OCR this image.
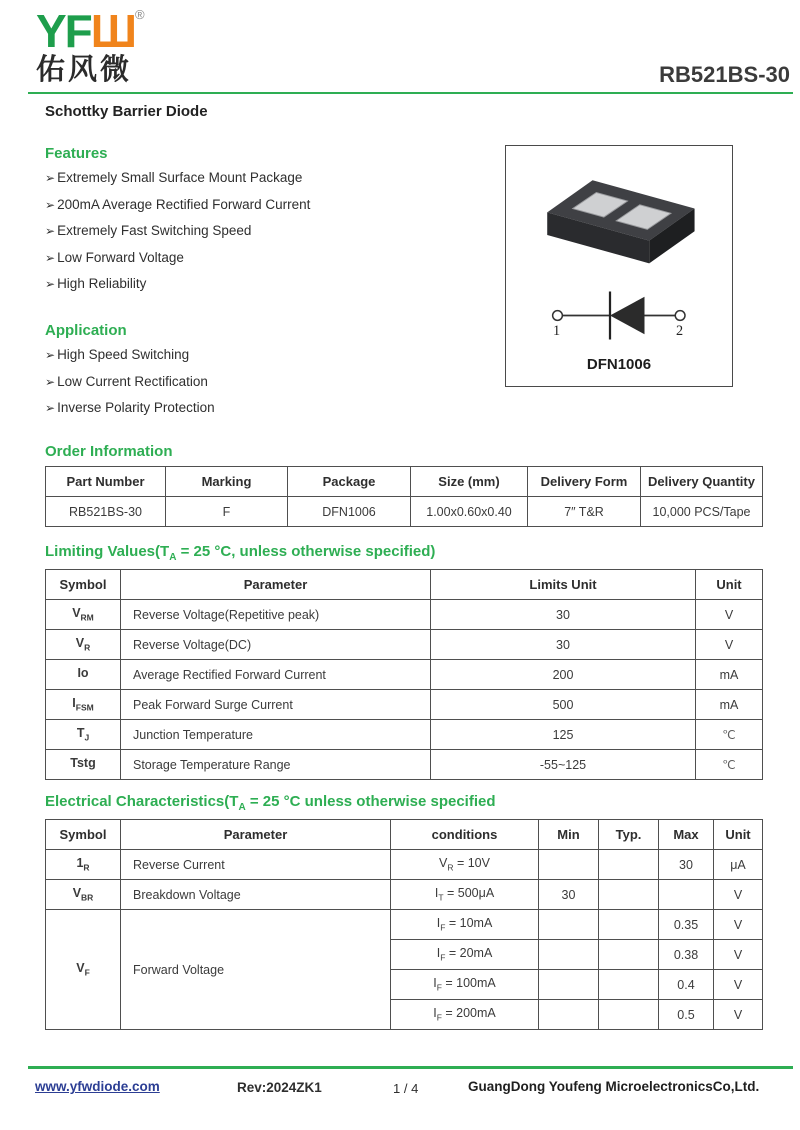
YFШ®
佑风微	RB521BS-30
Schottky Barrier Diode
Features
➢ Extremely Small Surface Mount Package
➢ 200mA Average Rectified Forward Current
➢ Extremely Fast Switching Speed
➢ Low Forward Voltage
➢ High Reliability
Application
➢ High Speed Switching
➢ Low Current Rectification
➢ Inverse Polarity Protection
1	2
DFN1006
Order Information
Part Number	Marking	Package	Size (mm)	Delivery Form	Delivery Quantity
RB521BS-30	F	DFN1006	1.00x0.60x0.40	7″ T&R	10,000 PCS/Tape
Limiting $Values(T_A = 25$ °C, unless otherwise specified)
Symbol	Parameter	Limits Unit	Unit
$V_{RM}$	Reverse Voltage(Repetitive peak)	30	V
$V_R$	Reverse Voltage(DC)	30	V
Io	Average Rectified Forward Current	200	mA
$I_{FSM}$	Peak Forward Surge Current	500	mA
$T_J$	Junction Temperature	125	℃
Tstg	Storage Temperature Range	-55~125	℃
Electrical $Characteristics(T_A = 25$ °C unless otherwise specified
Symbol	Parameter	conditions	Min	Typ.	Max	Unit
$1_R$	Reverse Current	$V_R = 10V$			30	μA
$V_{BR}$	Breakdown Voltage	$I_T = 500\mu A$	30			V
$V_F$	Forward Voltage	$I_F = 10mA$			0.35	V
		$I_F = 20mA$			0.38	V
		$I_F = 100mA$			0.4	V
		$I_F = 200mA$			0.5	V
www.yfwdiode.com	Rev:2024ZK1	1 / 4	GuangDong Youfeng MicroelectronicsCo,Ltd.
